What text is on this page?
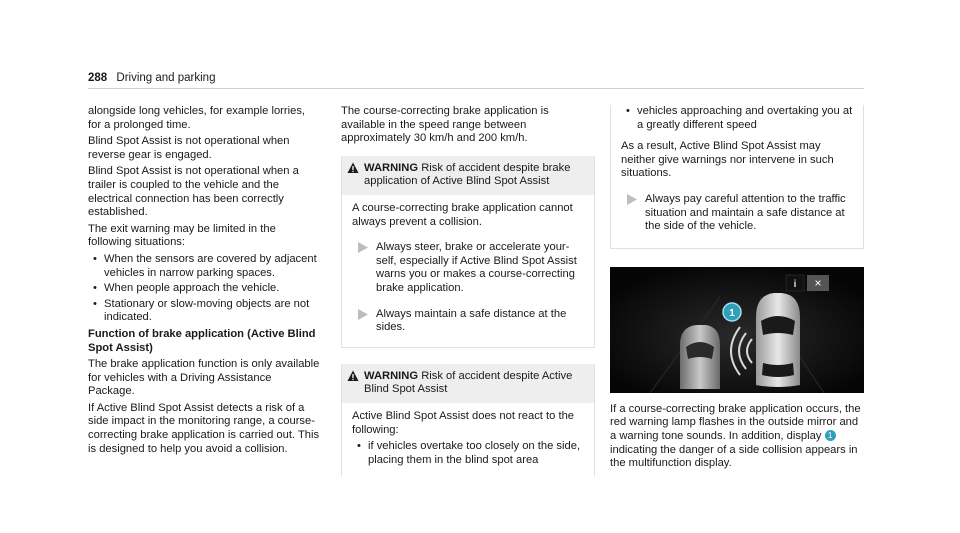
288 Driving and parking

alongside long vehicles, for example lorries, for a prolonged time.

Blind Spot Assist is not operational when reverse gear is engaged.

Blind Spot Assist is not operational when a trailer is coupled to the vehicle and the electrical connection has been correctly established.

The exit warning may be limited in the following situations:

• When the sensors are covered by adjacent vehicles in narrow parking spaces.
• When people approach the vehicle.
• Stationary or slow-moving objects are not indicated.

Function of brake application (Active Blind Spot Assist)

The brake application function is only available for vehicles with a Driving Assistance Package.

If Active Blind Spot Assist detects a risk of a side impact in the monitoring range, a course-correcting brake application is carried out. This is designed to help you avoid a collision.

The course-correcting brake application is available in the speed range between approximately 30 km/h and 200 km/h.

WARNING Risk of accident despite brake application of Active Blind Spot Assist

A course-correcting brake application cannot always prevent a collision.

Always steer, brake or accelerate your-self, especially if Active Blind Spot Assist warns you or makes a course-correcting brake application.
Always maintain a safe distance at the sides.
WARNING Risk of accident despite Active Blind Spot Assist

Active Blind Spot Assist does not react to the following:

• if vehicles overtake too closely on the side, placing them in the blind spot area
• vehicles approaching and overtaking you at a greatly different speed

As a result, Active Blind Spot Assist may neither give warnings nor intervene in such situations.

Always pay careful attention to the traffic situation and maintain a safe distance at the side of the vehicle.
i ×
1

If a course-correcting brake application occurs, the red warning lamp flashes in the outside mirror and a warning tone sounds. In addition, display 1 indicating the danger of a side collision appears in the multifunction display.
